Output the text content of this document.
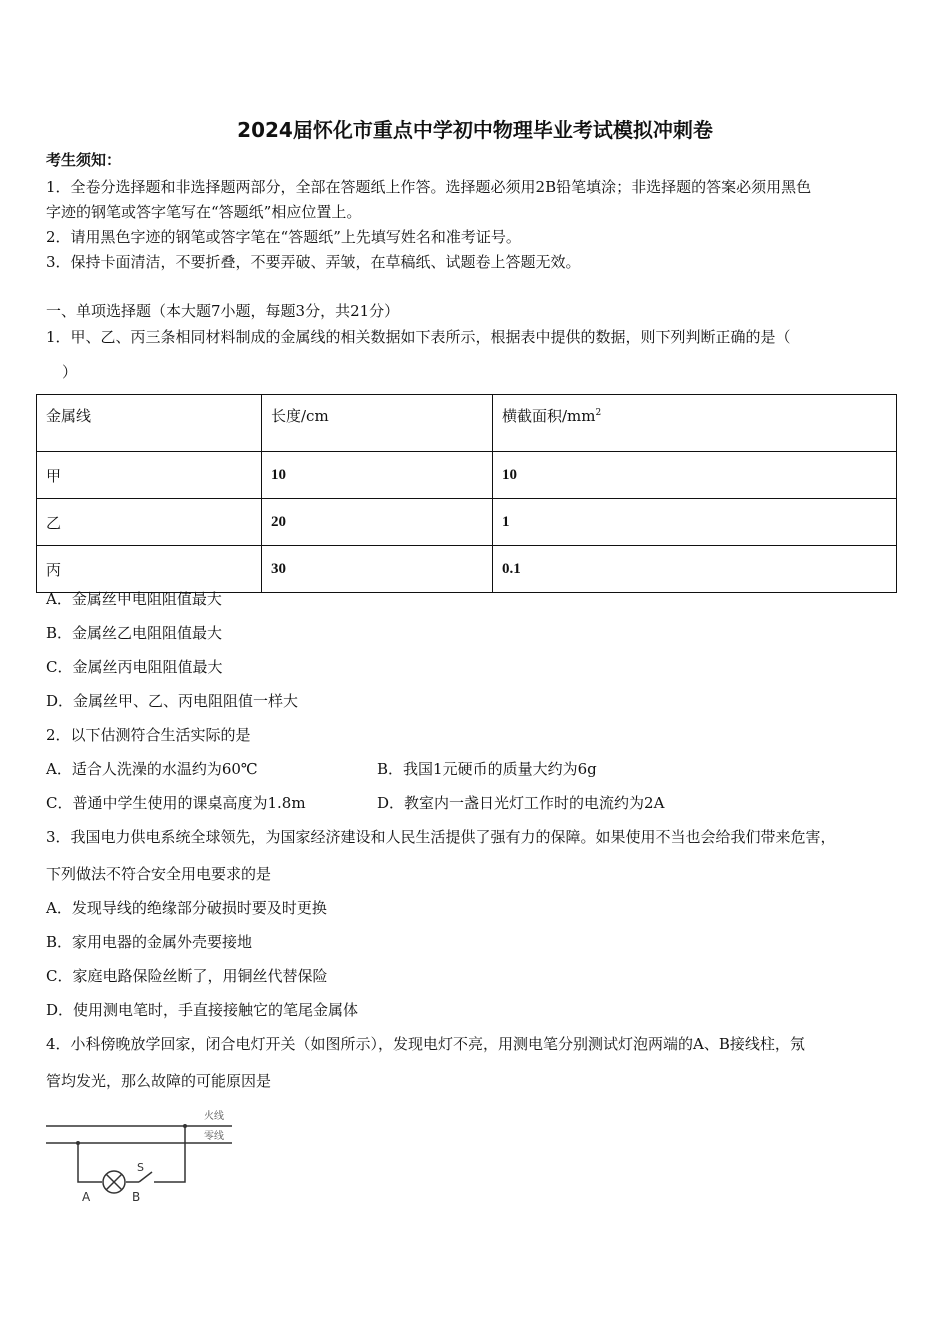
2024届怀化市重点中学初中物理毕业考试模拟冲刺卷
考生须知：
1．全卷分选择题和非选择题两部分，全部在答题纸上作答。选择题必须用2B铅笔填涂；非选择题的答案必须用黑色
字迹的钢笔或答字笔写在“答题纸”相应位置上。
2．请用黑色字迹的钢笔或答字笔在“答题纸”上先填写姓名和准考证号。
3．保持卡面清洁，不要折叠，不要弄破、弄皱，在草稿纸、试题卷上答题无效。
一、单项选择题（本大题7小题，每题3分，共21分）
1．甲、乙、丙三条相同材料制成的金属线的相关数据如下表所示，根据表中提供的数据，则下列判断正确的是（
）
金属线	长度/cm	横截面积$/mm^2$
甲	10	10
乙	20	1
丙	30	0.1
A．金属丝甲电阻阻值最大
B．金属丝乙电阻阻值最大
C．金属丝丙电阻阻值最大
D．金属丝甲、乙、丙电阻阻值一样大
2．以下估测符合生活实际的是
A．适合人洗澡的水温约为60℃	B．我国1元硬币的质量大约为6g
C．普通中学生使用的课桌高度为1.8m	D．教室内一盏日光灯工作时的电流约为2A
3．我国电力供电系统全球领先，为国家经济建设和人民生活提供了强有力的保障。如果使用不当也会给我们带来危害，
下列做法不符合安全用电要求的是
A．发现导线的绝缘部分破损时要及时更换
B．家用电器的金属外壳要接地
C．家庭电路保险丝断了，用铜丝代替保险
D．使用测电笔时，手直接接触它的笔尾金属体
4．小科傍晚放学回家，闭合电灯开关（如图所示），发现电灯不亮，用测电笔分别测试灯泡两端的A、B接线柱，氖
管均发光，那么故障的可能原因是
火线
零线
S
A	B
